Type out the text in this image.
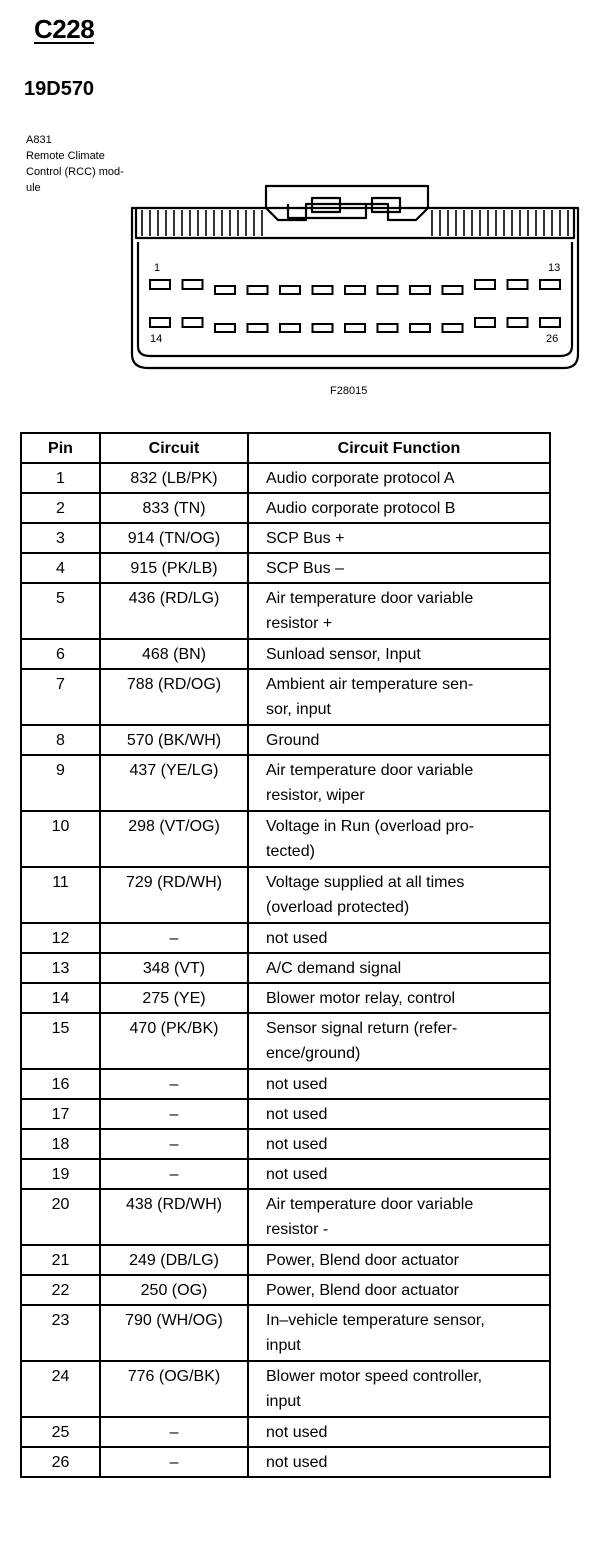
C228
19D570
A831
Remote Climate
Control (RCC) mod-
ule
1	13
14	26
F28015
Pin	Circuit	Circuit Function
1	832 (LB/PK)	Audio corporate protocol A

2	833 (TN)	Audio corporate protocol B

3	914 (TN/OG)	SCP Bus +

4	915 (PK/LB)	SCP Bus –

5	436 (RD/LG)	Air temperature door variable
resistor +

6	468 (BN)	Sunload sensor, Input

7	788 (RD/OG)	Ambient air temperature sen-
sor, input

8	570 (BK/WH)	Ground

9	437 (YE/LG)	Air temperature door variable
resistor, wiper

10	298 (VT/OG)	Voltage in Run (overload pro-
tected)

11	729 (RD/WH)	Voltage supplied at all times
(overload protected)

12	–	not used

13	348 (VT)	A/C demand signal

14	275 (YE)	Blower motor relay, control

15	470 (PK/BK)	Sensor signal return (refer-
ence/ground)

16	–	not used

17	–	not used

18	–	not used

19	–	not used

20	438 (RD/WH)	Air temperature door variable
resistor -

21	249 (DB/LG)	Power, Blend door actuator

22	250 (OG)	Power, Blend door actuator

23	790 (WH/OG)	In–vehicle temperature sensor,
input

24	776 (OG/BK)	Blower motor speed controller,
input

25	–	not used

26	–	not used
